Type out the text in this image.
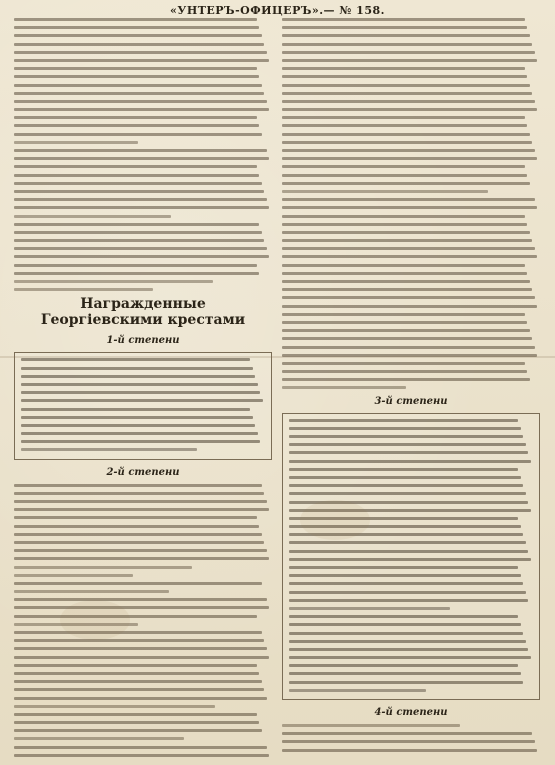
«УНТЕРЪ-ОФИЦЕРЪ».— № 158.
Награжденные Георгiевскими крестами
1-й степени
2-й степени
3-й степени
4-й степени
